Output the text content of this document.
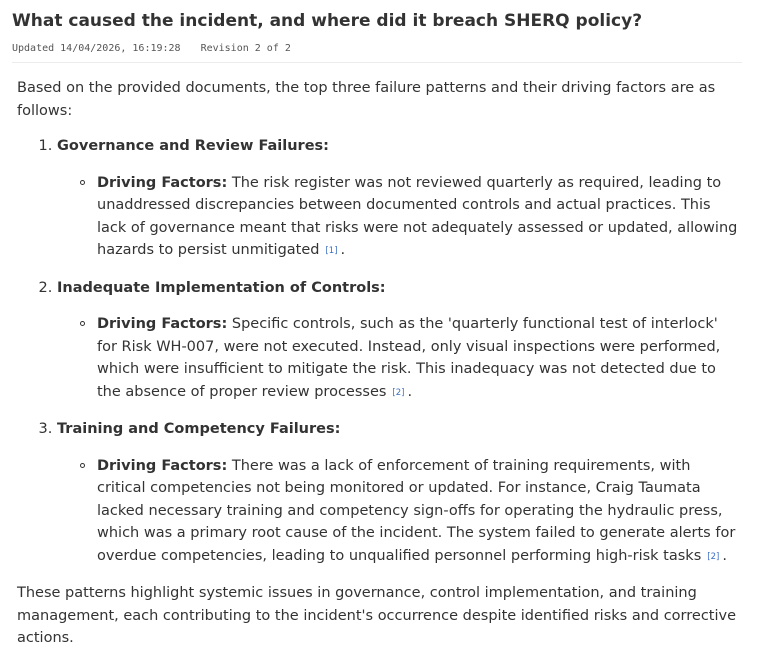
What caused the incident, and where did it breach SHERQ policy?
Updated 14/04/2026, 16:19:28 Revision 2 of 2

Based on the provided documents, the top three failure patterns and their driving factors are as follows:

1. Governance and Review Failures:
Driving Factors: The risk register was not reviewed quarterly as required, leading to unaddressed discrepancies between documented controls and actual practices. This lack of governance meant that risks were not adequately assessed or updated, allowing hazards to persist unmitigated [1] .
2. Inadequate Implementation of Controls:
Driving Factors: Specific controls, such as the 'quarterly functional test of interlock' for Risk WH-007, were not executed. Instead, only visual inspections were performed, which were insufficient to mitigate the risk. This inadequacy was not detected due to the absence of proper review processes [2] .
3. Training and Competency Failures:
Driving Factors: There was a lack of enforcement of training requirements, with critical competencies not being monitored or updated. For instance, Craig Taumata lacked necessary training and competency sign-offs for operating the hydraulic press, which was a primary root cause of the incident. The system failed to generate alerts for overdue competencies, leading to unqualified personnel performing high-risk tasks [2] .

These patterns highlight systemic issues in governance, control implementation, and training management, each contributing to the incident's occurrence despite identified risks and corrective actions.
